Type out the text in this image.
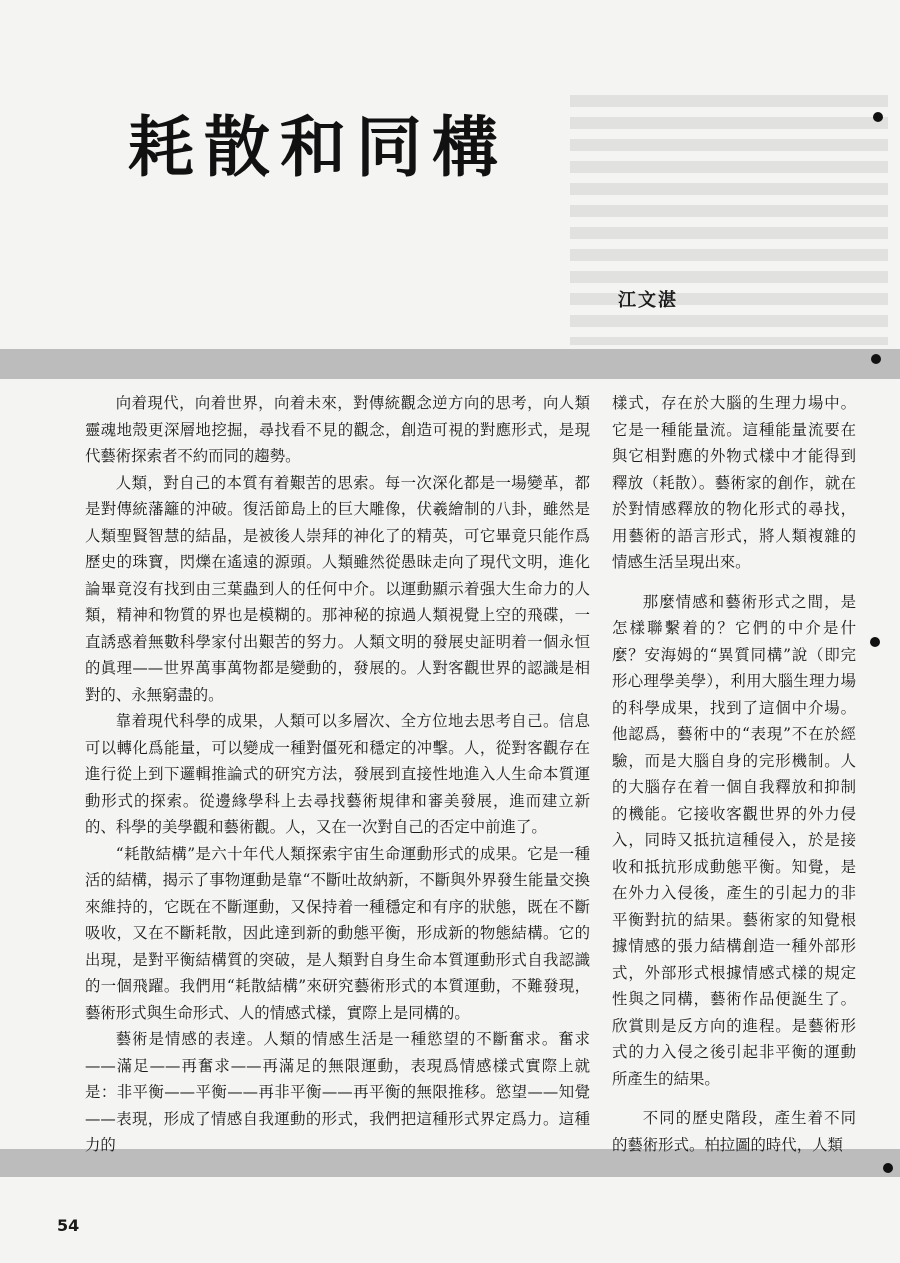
耗散和同構
江文湛

向着現代，向着世界，向着未來，對傳統觀念逆方向的思考，向人類靈魂地殼更深層地挖掘，尋找看不見的觀念，創造可視的對應形式，是現代藝術探索者不約而同的趨勢。

人類，對自己的本質有着艱苦的思索。每一次深化都是一場變革，都是對傳統藩籬的沖破。復活節島上的巨大雕像，伏羲繪制的八卦，雖然是人類聖賢智慧的結晶，是被後人崇拜的神化了的精英，可它畢竟只能作爲歷史的珠寶，閃爍在遙遠的源頭。人類雖然從愚昧走向了現代文明，進化論畢竟沒有找到由三葉蟲到人的任何中介。以運動顯示着强大生命力的人類，精神和物質的界也是模糊的。那神秘的掠過人類視覺上空的飛碟，一直誘惑着無數科學家付出艱苦的努力。人類文明的發展史証明着一個永恒的眞理——世界萬事萬物都是變動的，發展的。人對客觀世界的認識是相對的、永無窮盡的。

靠着現代科學的成果，人類可以多層次、全方位地去思考自己。信息可以轉化爲能量，可以變成一種對僵死和穩定的冲擊。人，從對客觀存在進行從上到下邏輯推論式的研究方法，發展到直接性地進入人生命本質運動形式的探索。從邊緣學科上去尋找藝術規律和審美發展，進而建立新的、科學的美學觀和藝術觀。人，又在一次對自己的否定中前進了。

“耗散結構”是六十年代人類探索宇宙生命運動形式的成果。它是一種活的結構，揭示了事物運動是靠“不斷吐故納新，不斷與外界發生能量交換來維持的，它既在不斷運動，又保持着一種穩定和有序的狀態，既在不斷吸收，又在不斷耗散，因此達到新的動態平衡，形成新的物態結構。它的出現，是對平衡結構質的突破，是人類對自身生命本質運動形式自我認識的一個飛躍。我們用“耗散結構”來研究藝術形式的本質運動，不難發現，藝術形式與生命形式、人的情感式樣，實際上是同構的。

藝術是情感的表達。人類的情感生活是一種慾望的不斷奮求。奮求——滿足——再奮求——再滿足的無限運動，表現爲情感樣式實際上就是：非平衡——平衡——再非平衡——再平衡的無限推移。慾望——知覺——表現，形成了情感自我運動的形式，我們把這種形式界定爲力。這種力的

樣式，存在於大腦的生理力場中。它是一種能量流。這種能量流要在與它相對應的外物式樣中才能得到釋放（耗散）。藝術家的創作，就在於對情感釋放的物化形式的尋找，用藝術的語言形式，將人類複雜的情感生活呈現出來。

那麼情感和藝術形式之間，是怎樣聯繫着的？它們的中介是什麼？安海姆的“異質同構”說（即完形心理學美學），利用大腦生理力場的科學成果，找到了這個中介場。他認爲，藝術中的“表現”不在於經驗，而是大腦自身的完形機制。人的大腦存在着一個自我釋放和抑制的機能。它接收客觀世界的外力侵入，同時又抵抗這種侵入，於是接收和抵抗形成動態平衡。知覺，是在外力入侵後，產生的引起力的非平衡對抗的結果。藝術家的知覺根據情感的張力結構創造一種外部形式，外部形式根據情感式樣的規定性與之同構，藝術作品便誕生了。欣賞則是反方向的進程。是藝術形式的力入侵之後引起非平衡的運動所產生的結果。

不同的歷史階段，產生着不同的藝術形式。柏拉圖的時代，人類

54
